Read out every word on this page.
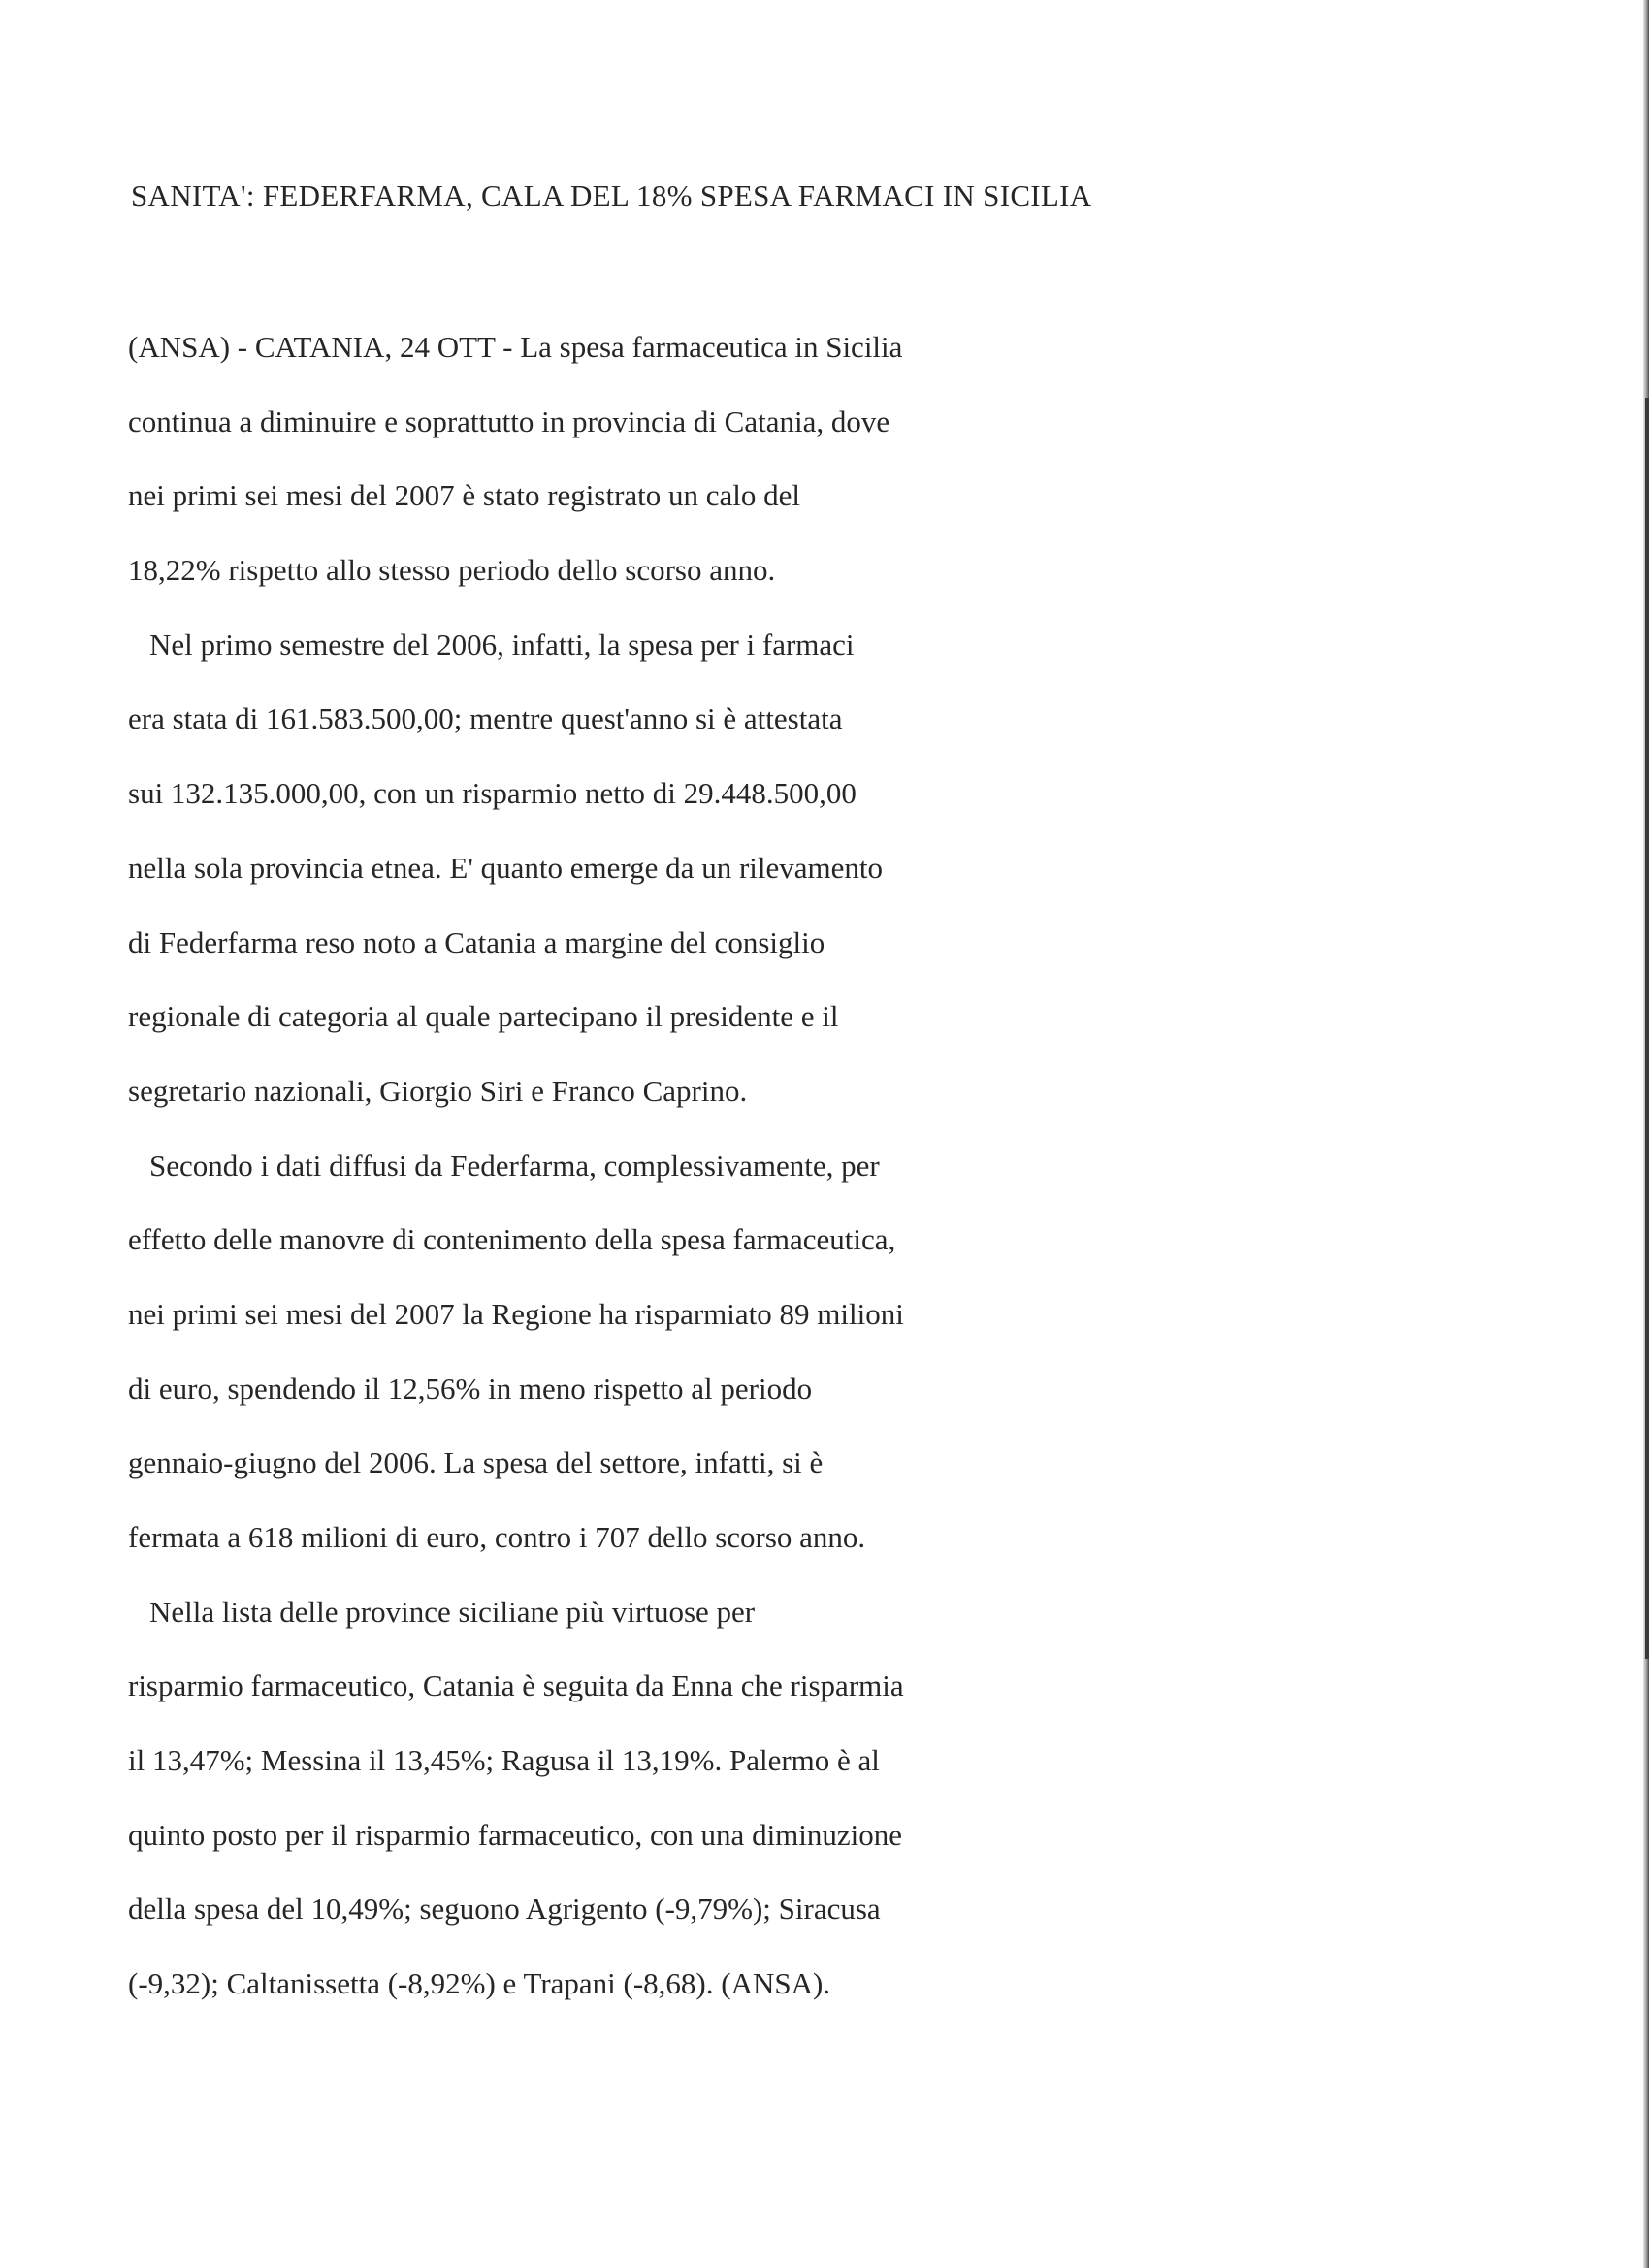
SANITA': FEDERFARMA, CALA DEL 18% SPESA FARMACI IN SICILIA
(ANSA) - CATANIA, 24 OTT - La spesa farmaceutica in Sicilia
continua a diminuire e soprattutto in provincia di Catania, dove
nei primi sei mesi del 2007 è stato registrato un calo del
18,22% rispetto allo stesso periodo dello scorso anno.
Nel primo semestre del 2006, infatti, la spesa per i farmaci
era stata di 161.583.500,00; mentre quest'anno si è attestata
sui 132.135.000,00, con un risparmio netto di 29.448.500,00
nella sola provincia etnea. E' quanto emerge da un rilevamento
di Federfarma reso noto a Catania a margine del consiglio
regionale di categoria al quale partecipano il presidente e il
segretario nazionali, Giorgio Siri e Franco Caprino.
Secondo i dati diffusi da Federfarma, complessivamente, per
effetto delle manovre di contenimento della spesa farmaceutica,
nei primi sei mesi del 2007 la Regione ha risparmiato 89 milioni
di euro, spendendo il 12,56% in meno rispetto al periodo
gennaio-giugno del 2006. La spesa del settore, infatti, si è
fermata a 618 milioni di euro, contro i 707 dello scorso anno.
Nella lista delle province siciliane più virtuose per
risparmio farmaceutico, Catania è seguita da Enna che risparmia
il 13,47%; Messina il 13,45%; Ragusa il 13,19%. Palermo è al
quinto posto per il risparmio farmaceutico, con una diminuzione
della spesa del 10,49%; seguono Agrigento (-9,79%); Siracusa
(-9,32); Caltanissetta (-8,92%) e Trapani (-8,68). (ANSA).
